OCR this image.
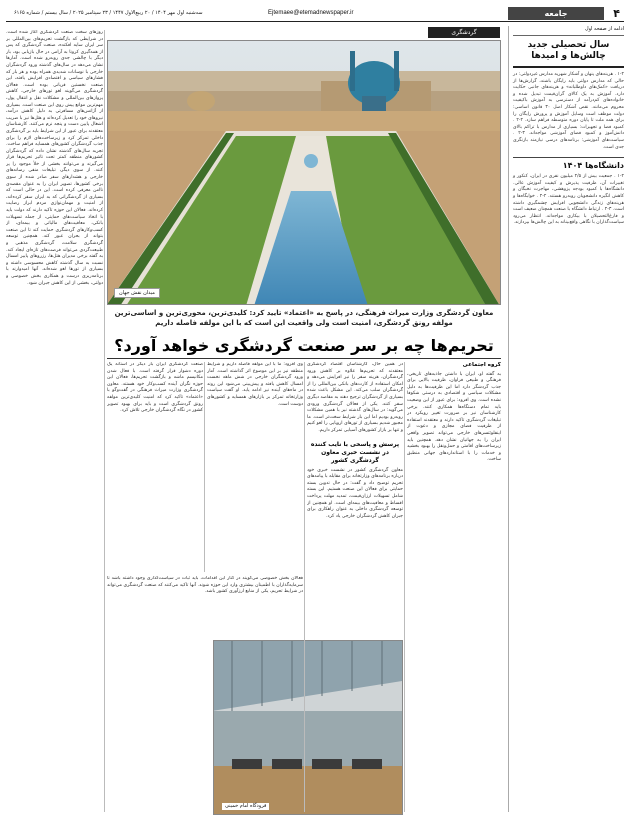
۴
جامعه
Ejtemaee@etemadnewspaper.ir
سه‌شنبه اول مهر ۱۴۰۴ / ۲۰ ربیع‌الاول ۱۴۴۷ / ۲۳ سپتامبر ۲۰۲۵ / سال بیستم / شماره ۶۱۶۵
ادامه از صفحه اول
سال تحصیلی جدید چالش‌ها و امیدها
۱-۲ . هزینه‌های پنهان و آشکار شهریه مدارس غیردولتی: در حالی که مدارس دولتی باید رایگان باشند، گزارش‌ها از دریافت «کمک‌های داوطلبانه» و هزینه‌های جانبی حکایت دارد. آموزش به یک کالای گران‌قیمت تبدیل شده و خانواده‌های کم‌درآمد از دسترسی به آموزش باکیفیت محروم می‌مانند. نقص آشکار اصل ۳۰ قانون اساسی: دولت موظف است وسایل آموزش و پرورش رایگان را برای همه ملت تا پایان دوره متوسطه فراهم سازد. ۲-۲ . کمبود فضا و تجهیزات: بسیاری از مدارس با تراکم بالای دانش‌آموز و کمبود فضای آموزشی مواجه‌اند. ۳-۲ . سیاست‌های آموزشی: برنامه‌های درسی نیازمند بازنگری جدی است.
دانشگاه‌ها ۱۴۰۴
۱-۲ . جمعیت بیش از ۲/۵ میلیون نفری در ایران، کنکور و تغییرات آن، ظرفیت پذیرش و کیفیت آموزش عالی. دانشگاه‌ها با کمبود بودجه پژوهشی، مهاجرت نخبگان و کاهش انگیزه دانشجویان روبه‌رو هستند. ۲-۲ . خوابگاه‌ها و هزینه‌های زندگی دانشجویی افزایش چشمگیری داشته است. ۳-۲ . ارتباط دانشگاه با صنعت همچنان ضعیف است و فارغ‌التحصیلان با بیکاری مواجه‌اند. انتظار می‌رود سیاست‌گذاران با نگاهی واقع‌بینانه به این چالش‌ها بپردازند.
روزهای سخت صنعت گردشگری آغاز شده است. در شرایطی که بازگشت تحریم‌های بین‌المللی بر سر ایران سایه افکنده، صنعت گردشگری که پس از همه‌گیری کرونا به آرامی در حال بازیابی بود، بار دیگر با چالشی جدی روبه‌رو شده است. آمارها نشان می‌دهد در سال‌های گذشته ورود گردشگران خارجی با نوسانات شدیدی همراه بوده و هر بار که فشارهای سیاسی و اقتصادی افزایش یافته، این صنعت نخستین قربانی بوده است. فعالان گردشگری می‌گویند لغو تورهای خارجی، کاهش پروازهای بین‌المللی و مشکلات نقل و انتقال پول، مهم‌ترین موانع پیش روی این صنعت است. بسیاری از آژانس‌های مسافرتی به دلیل کاهش درآمد، نیروهای خود را تعدیل کرده‌اند و هتل‌ها نیز با ضریب اشغال پایین دست و پنجه نرم می‌کنند. کارشناسان معتقدند برای عبور از این شرایط باید بر گردشگری داخلی تمرکز کرد و زیرساخت‌های لازم را برای جذب گردشگران کشورهای همسایه فراهم ساخت. تجربه سال‌های گذشته نشان داده که گردشگران کشورهای منطقه کمتر تحت تاثیر تحریم‌ها قرار می‌گیرند و می‌توانند بخشی از خلأ موجود را پر کنند. از سوی دیگر، تبلیغات منفی رسانه‌های خارجی و هشدارهای سفر صادر شده از سوی برخی کشورها، تصویر ایران را به عنوان مقصدی ناامن معرفی کرده است. این در حالی است که بسیاری از گردشگرانی که به ایران سفر کرده‌اند، از امنیت و مهمان‌نوازی مردم ابراز رضایت کرده‌اند. فعالان این حوزه تاکید دارند که دولت باید با اتخاذ سیاست‌های حمایتی، از جمله تسهیلات بانکی، معافیت‌های مالیاتی و بیمه‌ای، از کسب‌وکارهای گردشگری حمایت کند تا این صنعت بتواند از بحران عبور کند. همچنین توسعه گردشگری سلامت، گردشگری مذهبی و طبیعت‌گردی می‌تواند فرصت‌های تازه‌ای ایجاد کند. به گفته برخی مدیران هتل‌ها، رزروهای پاییز امسال نسبت به سال گذشته کاهش محسوسی داشته و بسیاری از تورها لغو شده‌اند. آنها امیدوارند با برنامه‌ریزی درست و همکاری بخش خصوصی و دولتی، بخشی از این کاهش جبران شود.
گردشگری
میدان نقش جهان
معاون گردشگری وزارت میراث فرهنگی، در پاسخ به «اعتماد» تایید کرد: کلیدی‌ترین، محوری‌ترین و اساسی‌ترین مولفه رونق گردشگری، امنیت است ولی واقعیت این است که با این مولفه فاصله داریم
تحریم‌ها چه بر سر صنعت گردشگری خواهد آورد؟
گروه اجتماعی
به گفته او، ایران با داشتن جاذبه‌های تاریخی، فرهنگی و طبیعی فراوان، ظرفیت بالایی برای جذب گردشگر دارد اما این ظرفیت‌ها به دلیل مشکلات سیاسی و اقتصادی به درستی شکوفا نشده است. وی افزود: برای عبور از این وضعیت باید تمام دستگاه‌ها همکاری کنند. برخی کارشناسان نیز بر ضرورت تغییر رویکرد در تبلیغات گردشگری تاکید دارند و معتقدند استفاده از ظرفیت فضای مجازی و دعوت از اینفلوئنسرهای خارجی می‌تواند تصویر واقعی ایران را به جهانیان نشان دهد. همچنین باید زیرساخت‌های اقامتی و حمل‌ونقل را بهبود بخشید و خدمات را با استانداردهای جهانی منطبق ساخت.
در همین حال، کارشناسان اقتصاد گردشگری معتقدند که تحریم‌ها علاوه بر کاهش ورود گردشگران، هزینه سفر را نیز افزایش می‌دهد و امکان استفاده از کارت‌های بانکی بین‌المللی را از گردشگران سلب می‌کند. این مشکل باعث شده بسیاری از گردشگران ترجیح دهند به مقاصد دیگری سفر کنند. یکی از فعالان گردشگری ورودی می‌گوید: در سال‌های گذشته نیز با همین مشکلات روبه‌رو بودیم اما این بار شرایط سخت‌تر است. ما مجبور شدیم بسیاری از تورهای اروپایی را لغو کنیم و تنها بر بازار کشورهای آسیایی تمرکز داریم.
پرسش و پاسخی با نایب کننده در نشست خبری معاون گردشگری کشور
معاون گردشگری کشور در نشست خبری خود درباره برنامه‌های وزارتخانه برای مقابله با پیامدهای تحریم توضیح داد و گفت: در حال تدوین بسته حمایتی برای فعالان این صنعت هستیم. این بسته شامل تسهیلات ارزان‌قیمت، تمدید مهلت پرداخت اقساط و معافیت‌های بیمه‌ای است. او همچنین از توسعه گردشگری داخلی به عنوان راهکاری برای جبران کاهش گردشگران خارجی یاد کرد.
وی افزود: ما با این مولفه فاصله داریم و شرایط منطقه نیز بر این موضوع اثر گذاشته است. آمار ورود گردشگران خارجی در شش ماهه نخست امسال کاهش یافته و پیش‌بینی می‌شود این روند در ماه‌های آینده نیز ادامه یابد. او گفت سیاست وزارتخانه تمرکز بر بازارهای همسایه و کشورهای دوست است.
صنعت گردشگری ایران بار دیگر در آستانه یک دوره دشوار قرار گرفته است. با فعال شدن مکانیسم ماشه و بازگشت تحریم‌ها، فعالان این حوزه نگران آینده کسب‌وکار خود هستند. معاون گردشگری وزارت میراث فرهنگی در گفت‌وگو با «اعتماد» تاکید کرد که امنیت کلیدی‌ترین مولفه رونق گردشگری است و باید برای بهبود تصویر کشور در نگاه گردشگران خارجی تلاش کرد.
فعالان بخش خصوصی می‌گویند در کنار این اقدامات، باید ثبات در سیاست‌گذاری وجود داشته باشد تا سرمایه‌گذاران با اطمینان بیشتری وارد این حوزه شوند. آنها تاکید می‌کنند که صنعت گردشگری می‌تواند در شرایط تحریم، یکی از منابع ارزآوری کشور باشد.
فرودگاه امام خمینی
